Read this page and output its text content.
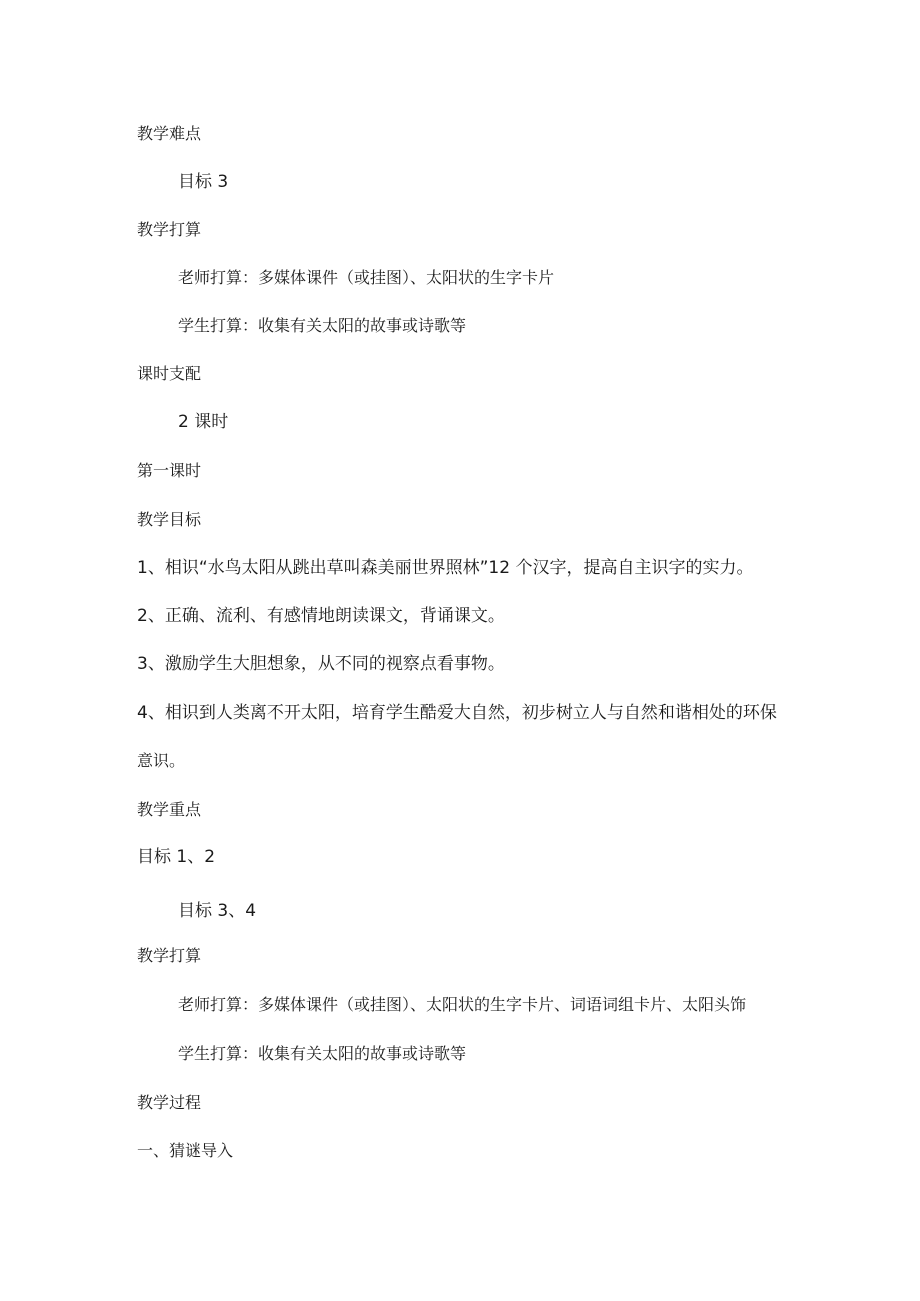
教学难点
目标 3
教学打算
老师打算：多媒体课件（或挂图）、太阳状的生字卡片
学生打算：收集有关太阳的故事或诗歌等
课时支配
2 课时
第一课时
教学目标
1、相识“水鸟太阳从跳出草叫森美丽世界照林”12 个汉字，提高自主识字的实力。
2、正确、流利、有感情地朗读课文，背诵课文。
3、激励学生大胆想象，从不同的视察点看事物。
4、相识到人类离不开太阳，培育学生酷爱大自然，初步树立人与自然和谐相处的环保
意识。
教学重点
目标 1、2
目标 3、4
教学打算
老师打算：多媒体课件（或挂图）、太阳状的生字卡片、词语词组卡片、太阳头饰
学生打算：收集有关太阳的故事或诗歌等
教学过程
一、猜谜导入
